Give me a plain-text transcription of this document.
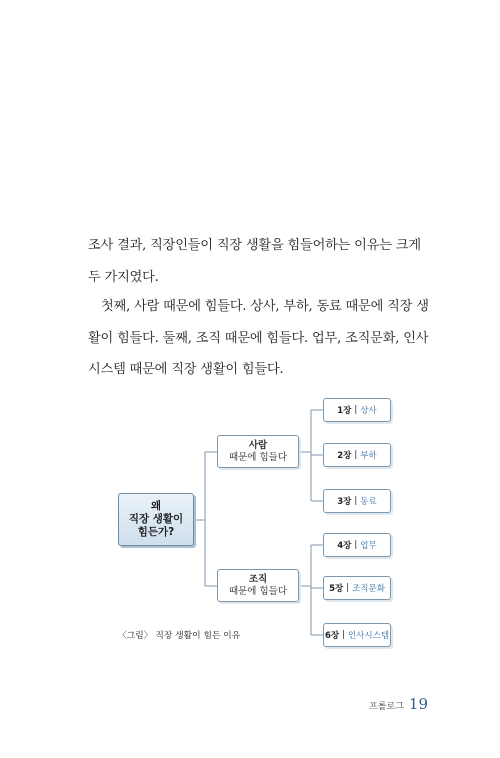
조사 결과, 직장인들이 직장 생활을 힘들어하는 이유는 크게 두 가지였다.

첫째, 사람 때문에 힘들다. 상사, 부하, 동료 때문에 직장 생활이 힘들다. 둘째, 조직 때문에 힘들다. 업무, 조직문화, 인사시스템 때문에 직장 생활이 힘들다.

왜
직장 생활이
힘든가?
사람
때문에 힘들다
조직
때문에 힘들다
1장 | 상사
2장 | 부하
3장 | 동료
4장 | 업무
5장 | 조직문화
6장 | 인사시스템
〈그림〉 직장 생활이 힘든 이유
프롤로그 19
